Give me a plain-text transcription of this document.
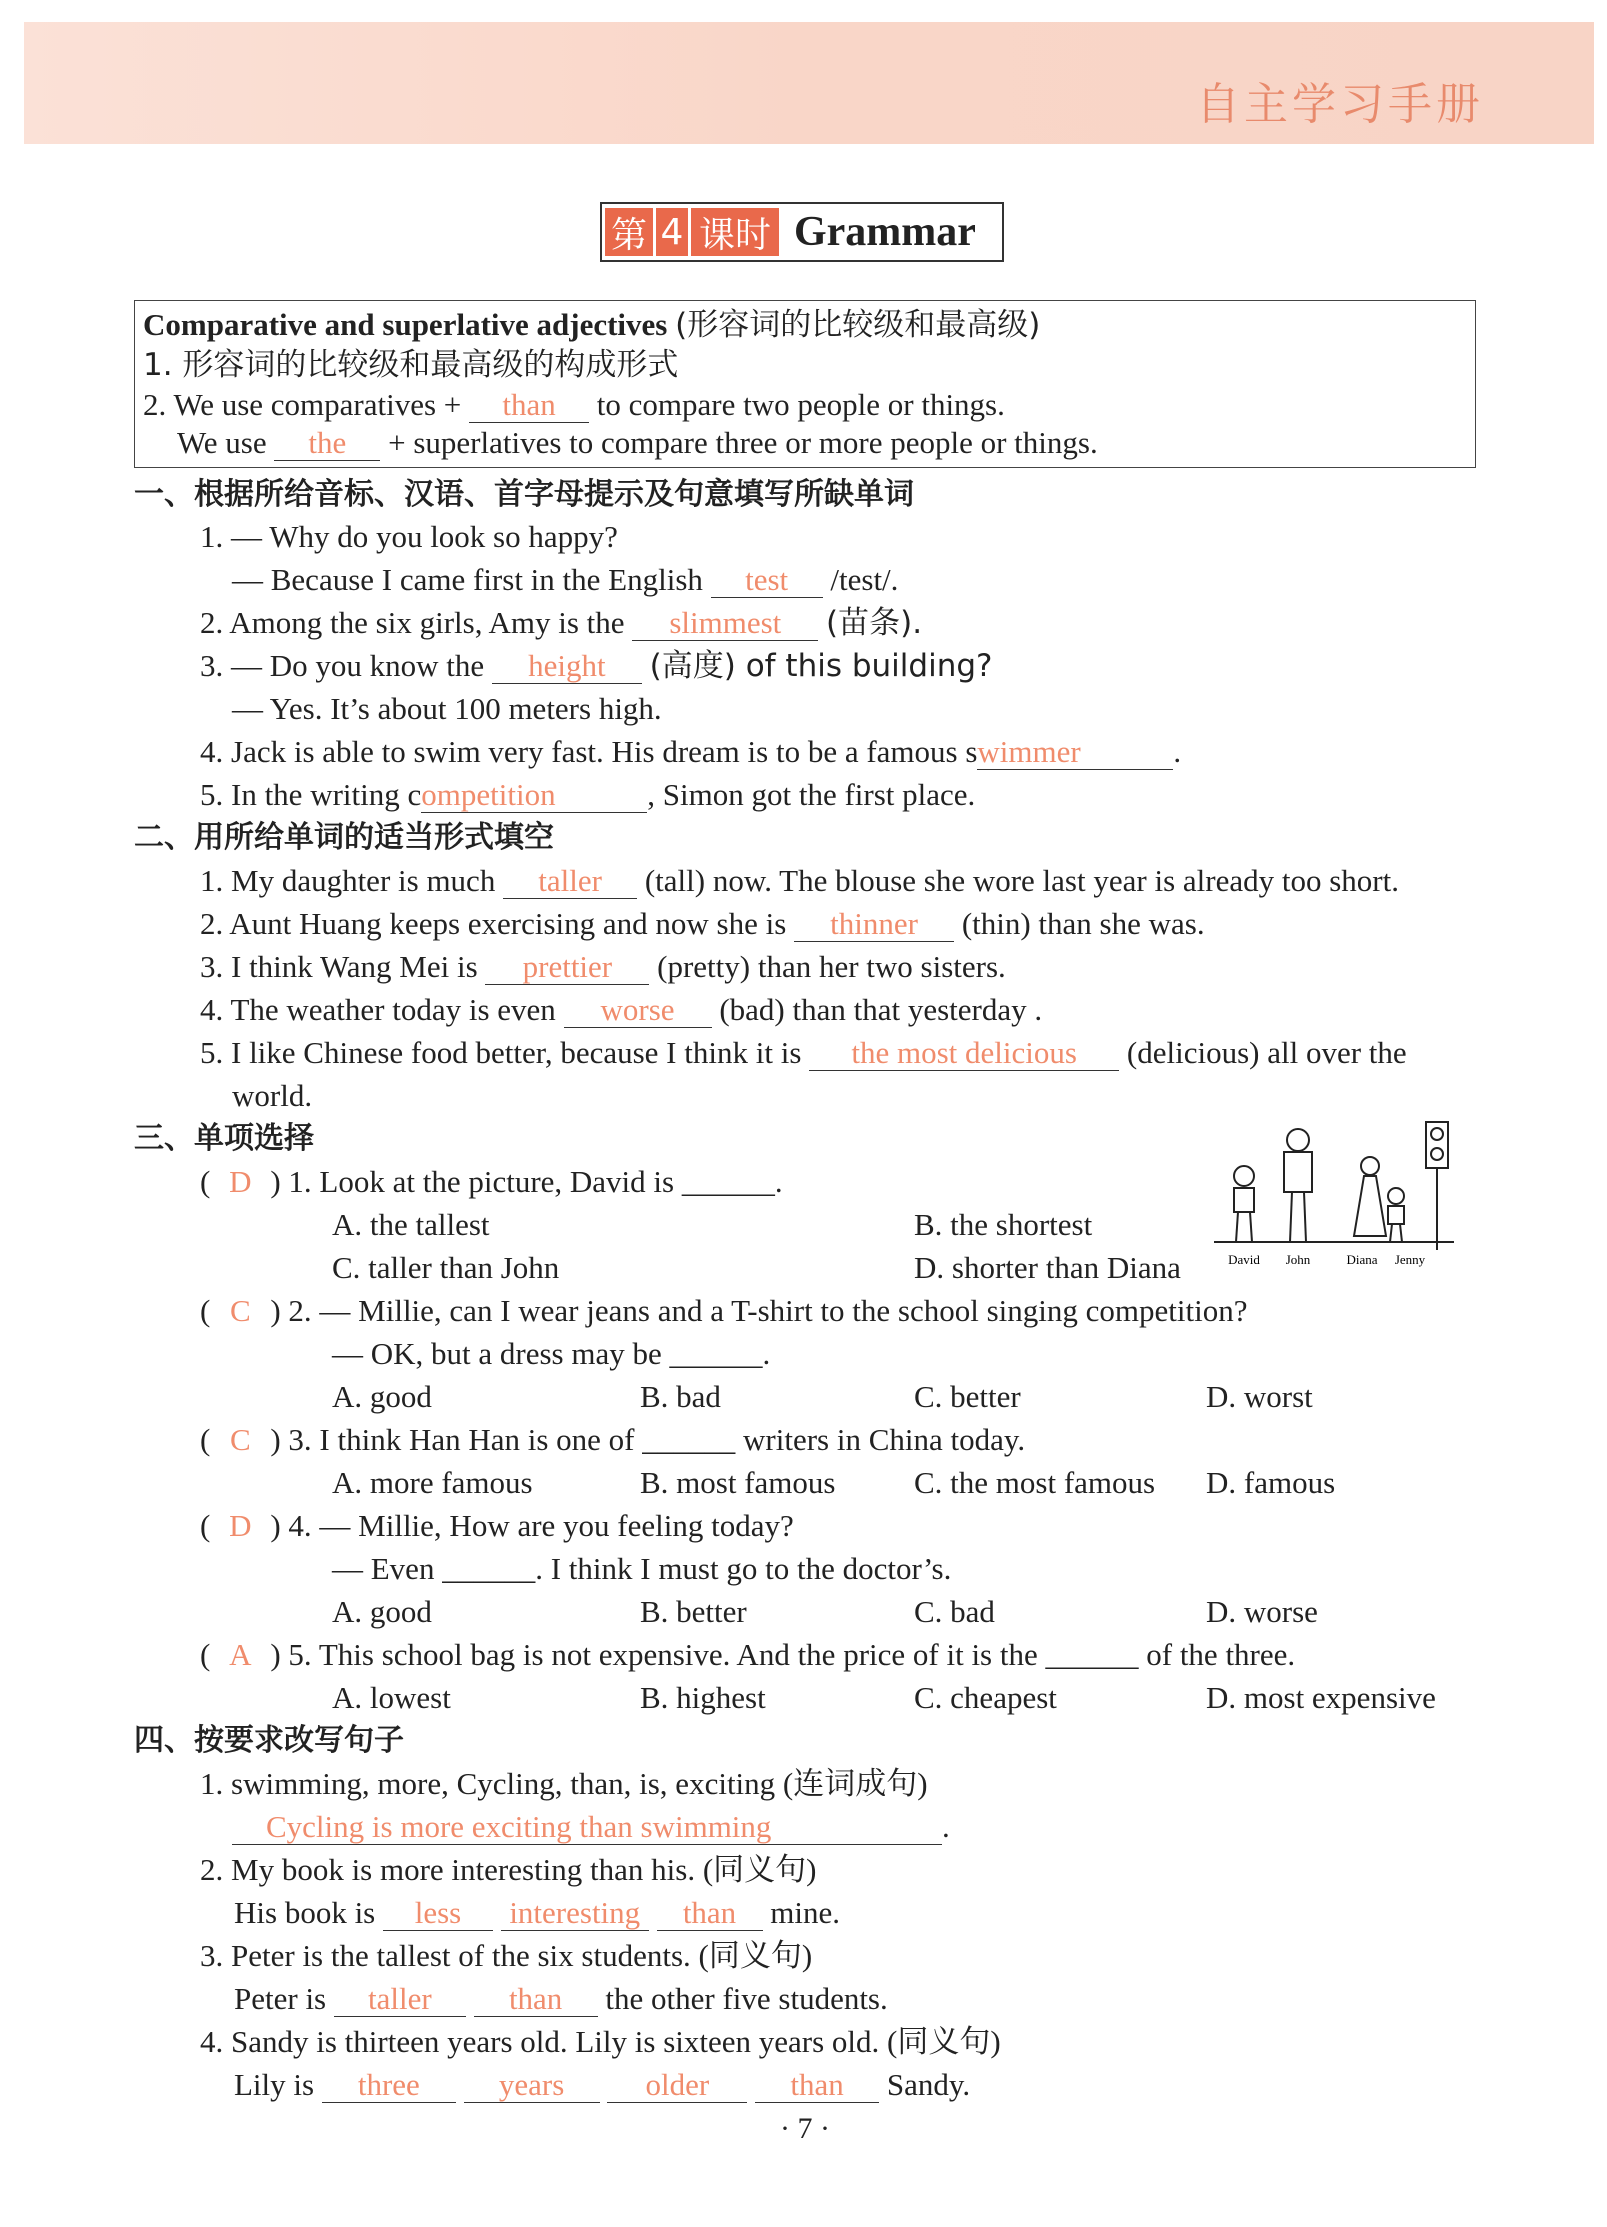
自主学习手册
第 4 课时 Grammar
Comparative and superlative adjectives (形容词的比较级和最高级)
1. 形容词的比较级和最高级的构成形式
2. We use comparatives + than to compare two people or things.
We use the + superlatives to compare three or more people or things.
一、根据所给音标、汉语、首字母提示及句意填写所缺单词
1. — Why do you look so happy?
— Because I came first in the English test /test/.
2. Among the six girls, Amy is the slimmest (苗条).
3. — Do you know the height (高度) of this building?
— Yes. It’s about 100 meters high.
4. Jack is able to swim very fast. His dream is to be a famous swimmer	.
5. In the writing competition	, Simon got the first place.
二、用所给单词的适当形式填空
1. My daughter is much taller (tall) now. The blouse she wore last year is already too short.
2. Aunt Huang keeps exercising and now she is thinner (thin) than she was.
3. I think Wang Mei is prettier (pretty) than her two sisters.
4. The weather today is even worse (bad) than that yesterday .
5. I like Chinese food better, because I think it is the most delicious (delicious) all over the
world.
三、单项选择
( D ) 1. Look at the picture, David is ______.
A. the tallest	B. the shortest
C. taller than John	D. shorter than Diana	David John	Diana Jenny
( C ) 2. — Millie, can I wear jeans and a T-shirt to the school singing competition?
— OK, but a dress may be ______.
A. good	B. bad	C. better	D. worst
( C ) 3. I think Han Han is one of ______ writers in China today.
A. more famous	B. most famous	C. the most famous D. famous
( D ) 4. — Millie, How are you feeling today?
— Even ______. I think I must go to the doctor’s.
A. good	B. better	C. bad	D. worse
( A ) 5. This school bag is not expensive. And the price of it is the ______ of the three.
A. lowest	B. highest	C. cheapest	D. most expensive
四、按要求改写句子
1. swimming, more, Cycling, than, is, exciting (连词成句)
Cycling is more exciting than swimming	.
2. My book is more interesting than his. (同义句)
His book is less interesting than mine.
3. Peter is the tallest of the six students. (同义句)
Peter is taller than the other five students.
4. Sandy is thirteen years old. Lily is sixteen years old. (同义句)
Lily is three	years	older	than Sandy.
· 7 ·
